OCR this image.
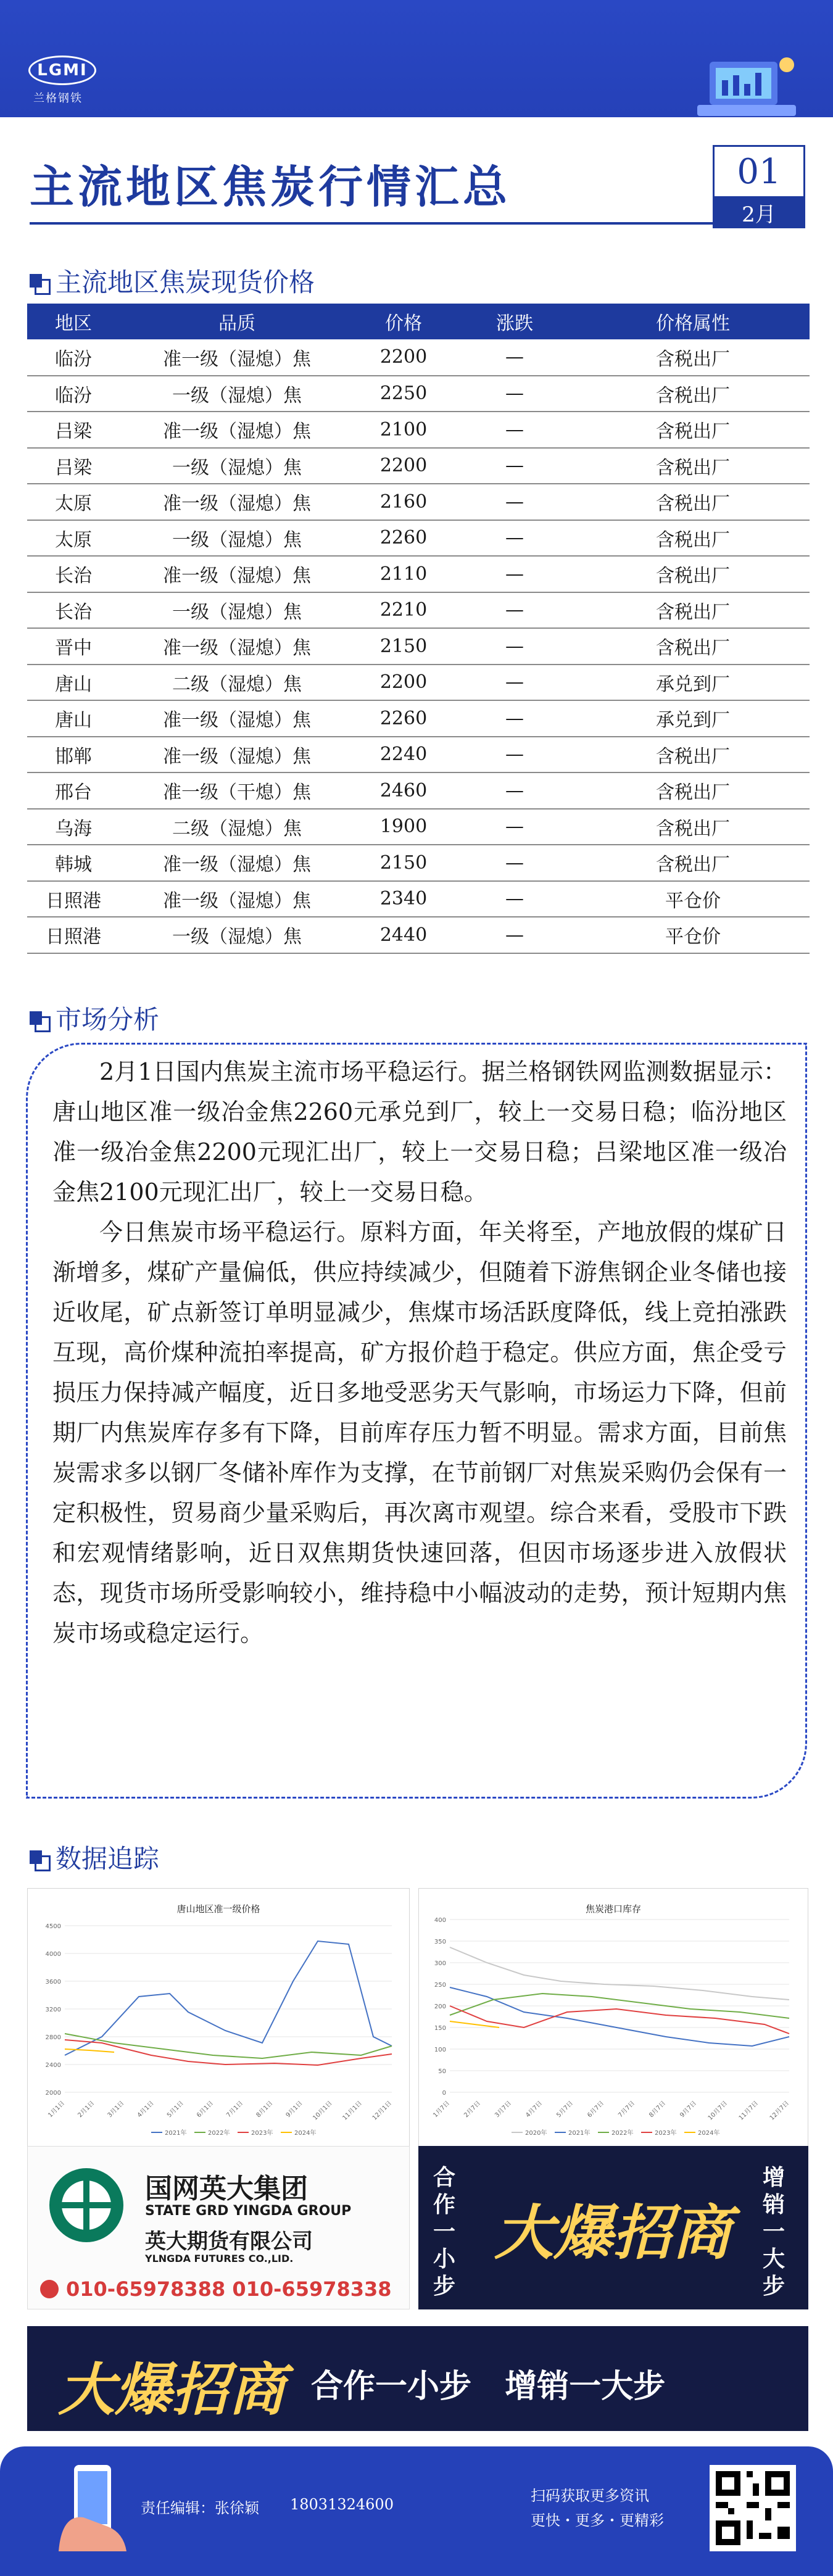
LGMI
兰格钢铁
主流地区焦炭行情汇总	01
2月
主流地区焦炭现货价格
地区	品质	价格	涨跌	价格属性
临汾	准一级（湿熄）焦	2200	—	含税出厂
临汾	一级（湿熄）焦	2250	—	含税出厂
吕梁	准一级（湿熄）焦	2100	—	含税出厂
吕梁	一级（湿熄）焦	2200	—	含税出厂
太原	准一级（湿熄）焦	2160	—	含税出厂
太原	一级（湿熄）焦	2260	—	含税出厂
长治	准一级（湿熄）焦	2110	—	含税出厂
长治	一级（湿熄）焦	2210	—	含税出厂
晋中	准一级（湿熄）焦	2150	—	含税出厂
唐山	二级（湿熄）焦	2200	—	承兑到厂
唐山	准一级（湿熄）焦	2260	—	承兑到厂
邯郸	准一级（湿熄）焦	2240	—	含税出厂
邢台	准一级（干熄）焦	2460	—	含税出厂
乌海	二级（湿熄）焦	1900	—	含税出厂
韩城	准一级（湿熄）焦	2150	—	含税出厂
日照港	准一级（湿熄）焦	2340	—	平仓价
日照港	一级（湿熄）焦	2440	—	平仓价
市场分析

2月1日国内焦炭主流市场平稳运行。据兰格钢铁网监测数据显示：唐山地区准一级冶金焦2260元承兑到厂，较上一交易日稳；临汾地区准一级冶金焦2200元现汇出厂，较上一交易日稳；吕梁地区准一级冶金焦2100元现汇出厂，较上一交易日稳。

今日焦炭市场平稳运行。原料方面，年关将至，产地放假的煤矿日渐增多，煤矿产量偏低，供应持续减少，但随着下游焦钢企业冬储也接近收尾，矿点新签订单明显减少，焦煤市场活跃度降低，线上竞拍涨跌互现，高价煤种流拍率提高，矿方报价趋于稳定。供应方面，焦企受亏损压力保持减产幅度，近日多地受恶劣天气影响，市场运力下降，但前期厂内焦炭库存多有下降，目前库存压力暂不明显。需求方面，目前焦炭需求多以钢厂冬储补库作为支撑，在节前钢厂对焦炭采购仍会保有一定积极性，贸易商少量采购后，再次离市观望。综合来看，受股市下跌和宏观情绪影响，近日双焦期货快速回落，但因市场逐步进入放假状态，现货市场所受影响较小，维持稳中小幅波动的走势，预计短期内焦炭市场或稳定运行。

数据追踪
唐山地区准一级价格
4500
4000
3600
3200
2800
2400
2000
1月1日 2月1日 3月1日 4月1日 5月1日 6月1日 7月1日 8月1日 9月1日 10月1日 11月1日 12月1日
2021年	2022年	2023年	2024年
焦炭港口库存
400
350
300
250
200
150
100
50
0
1月7日 2月7日 3月7日 4月7日 5月7日 6月7日 7月7日 8月7日 9月7日 10月7日 11月7日 12月7日
2020年	2021年	2022年	2023年	2024年
国网英大集团
STATE GRD YINGDA GROUP
英大期货有限公司
YLNGDA FUTURES CO.,LID.
010-65978388 010-65978338
合作一小步
大爆招商
增销一大步
大爆招商 合作一小步   增销一大步
责任编辑：张徐颖 18031324600	扫码获取更多资讯
更快・更多・更精彩
